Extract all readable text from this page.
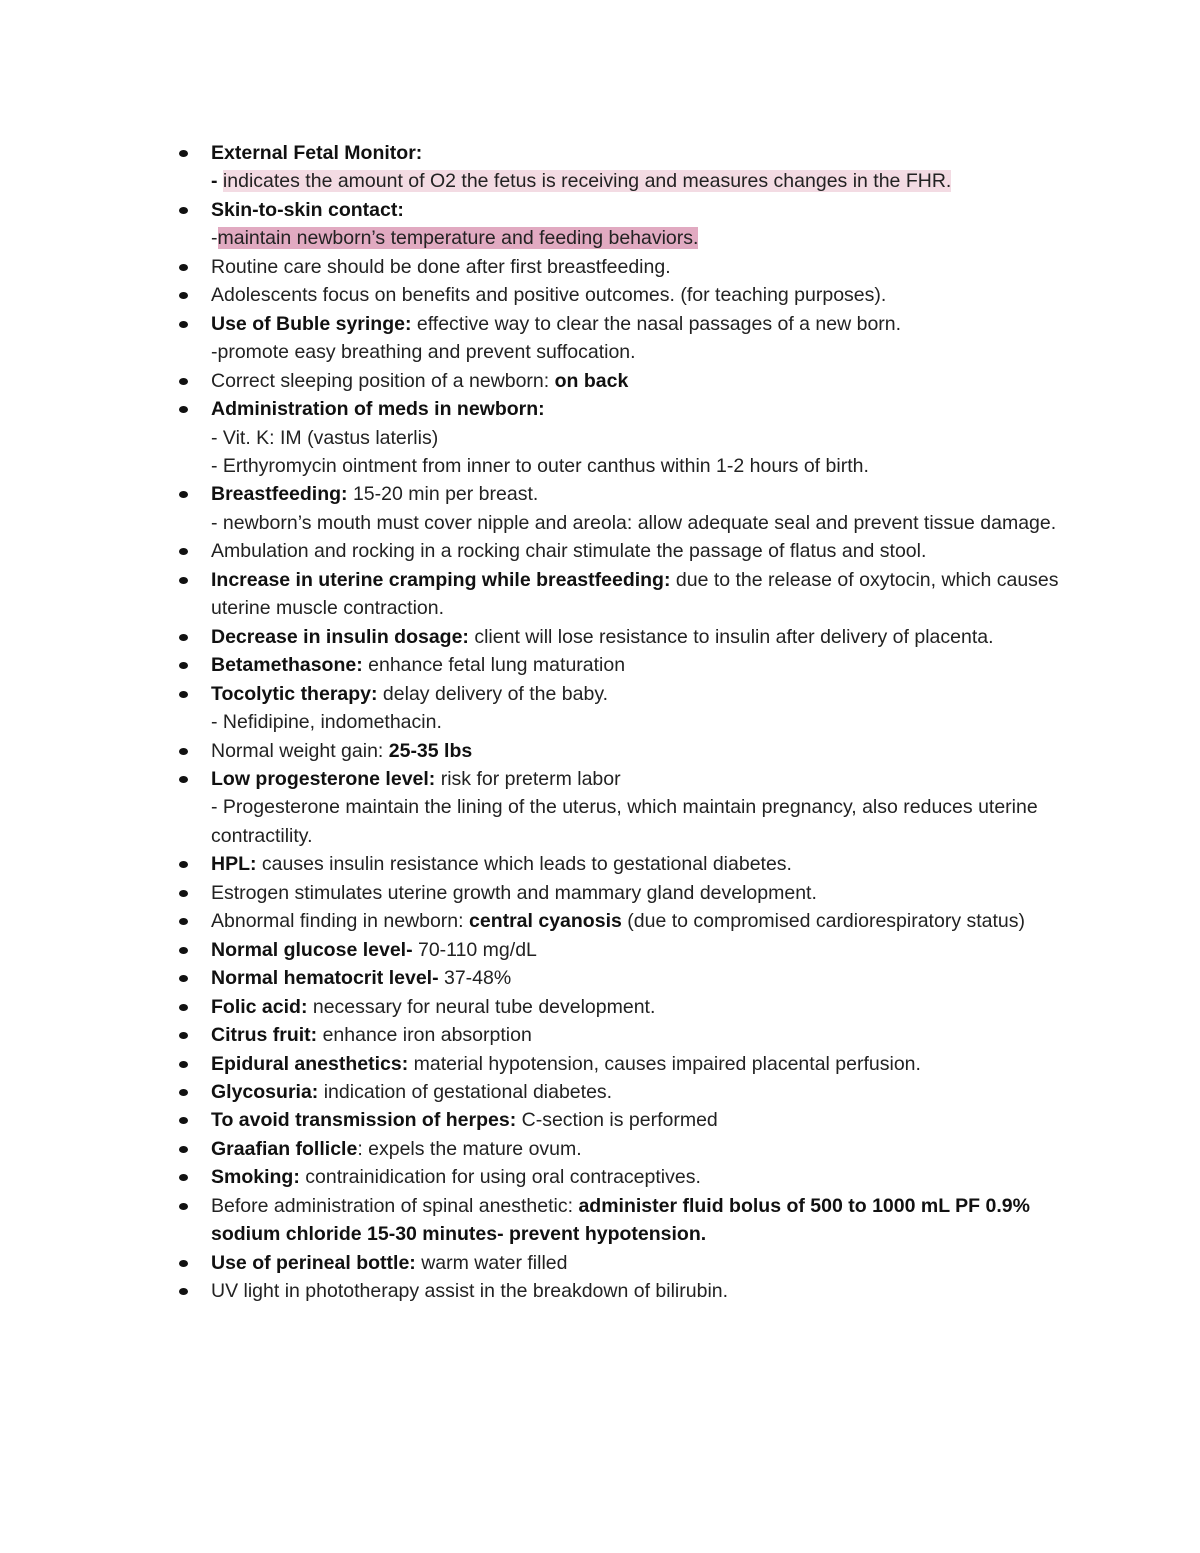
External Fetal Monitor:
- indicates the amount of O2 the fetus is receiving and measures changes in the FHR.
Skin-to-skin contact:
-maintain newborn’s temperature and feeding behaviors.
Routine care should be done after first breastfeeding.
Adolescents focus on benefits and positive outcomes. (for teaching purposes).
Use of Buble syringe: effective way to clear the nasal passages of a new born.
-promote easy breathing and prevent suffocation.
Correct sleeping position of a newborn: on back
Administration of meds in newborn:
- Vit. K: IM (vastus laterlis)
- Erthyromycin ointment from inner to outer canthus within 1-2 hours of birth.
Breastfeeding: 15-20 min per breast.
- newborn’s mouth must cover nipple and areola: allow adequate seal and prevent tissue damage.
Ambulation and rocking in a rocking chair stimulate the passage of flatus and stool.
Increase in uterine cramping while breastfeeding: due to the release of oxytocin, which causes uterine muscle contraction.
Decrease in insulin dosage: client will lose resistance to insulin after delivery of placenta.
Betamethasone: enhance fetal lung maturation
Tocolytic therapy: delay delivery of the baby.
- Nefidipine, indomethacin.
Normal weight gain: 25-35 lbs
Low progesterone level: risk for preterm labor
- Progesterone maintain the lining of the uterus, which maintain pregnancy, also reduces uterine contractility.
HPL: causes insulin resistance which leads to gestational diabetes.
Estrogen stimulates uterine growth and mammary gland development.
Abnormal finding in newborn: central cyanosis (due to compromised cardiorespiratory status)
Normal glucose level- 70-110 mg/dL
Normal hematocrit level- 37-48%
Folic acid: necessary for neural tube development.
Citrus fruit: enhance iron absorption
Epidural anesthetics: material hypotension, causes impaired placental perfusion.
Glycosuria: indication of gestational diabetes.
To avoid transmission of herpes: C-section is performed
Graafian follicle: expels the mature ovum.
Smoking: contrainidication for using oral contraceptives.
Before administration of spinal anesthetic: administer fluid bolus of 500 to 1000 mL PF 0.9% sodium chloride 15-30 minutes- prevent hypotension.
Use of perineal bottle: warm water filled
UV light in phototherapy assist in the breakdown of bilirubin.
